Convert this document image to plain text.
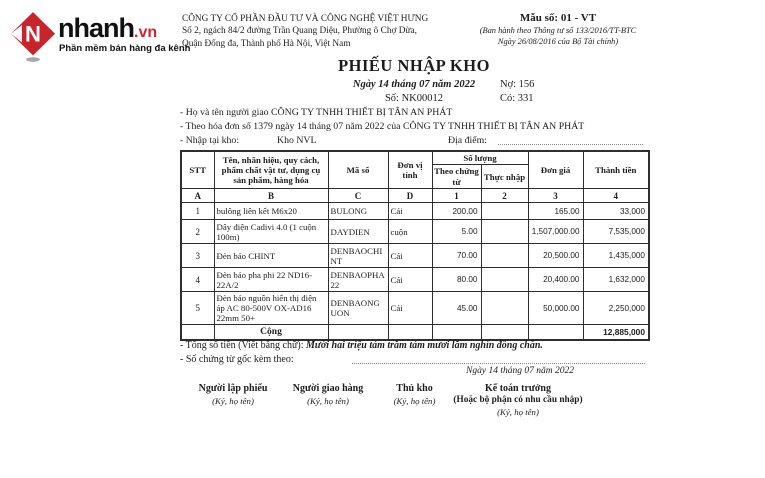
N nhanh.vn
Phần mềm bán hàng đa kênh
CÔNG TY CỔ PHẦN ĐẦU TƯ VÀ CÔNG NGHỆ VIỆT HƯNG
Số 2, ngách 84/2 đường Trần Quang Diệu, Phường ô Chợ Dừa,
Quận Đống đa, Thành phố Hà Nội, Việt Nam
Mẫu số: 01 - VT
(Ban hành theo Thông tư số 133/2016/TT-BTC
Ngày 26/08/2016 của Bộ Tài chính)
PHIẾU NHẬP KHO
Ngày 14 tháng 07 năm 2022
Số: NK00012
Nợ: 156
Có: 331
- Họ và tên người giao CÔNG TY TNHH THIẾT BỊ TÂN AN PHÁT
- Theo hóa đơn số 1379 ngày 14 tháng 07 năm 2022 của CÔNG TY TNHH THIẾT BỊ TÂN AN PHÁT
- Nhập tại kho:	Kho NVL	Địa điểm:
STT	Tên, nhãn hiệu, quy cách, phẩm chất vật tư, dụng cụ sản phẩm, hàng hóa	Mã số	Đơn vị tính	Số lượng		Đơn giá	Thành tiền
				Theo chứng từ	Thực nhập		
A	B	C	D	1	2	3	4
1	bulông liên kết M6x20	BULONG	Cái	200.00		165.00	33,000
2	Dây điện Cadivi 4.0 (1 cuộn 100m)	DAYDIEN	cuộn	5.00		1,507,000.00	7,535,000
3	Đèn báo CHINT	DENBAOCHINT	Cái	70.00		20,500.00	1,435,000
4	Đèn báo pha phi 22 ND16-22A/2	DENBAOPHA22	Cái	80.00		20,400.00	1,632,000
5	Đèn báo nguồn hiển thị điện áp AC 80-500V OX-AD16 22mm 50+	DENBAONGUON	Cái	45.00		50,000.00	2,250,000
	Cộng						12,885,000
- Tổng số tiền (Viết bằng chữ): Mười hai triệu tám trăm tám mươi lăm nghìn đồng chẵn.
- Số chứng từ gốc kèm theo:
Ngày 14 tháng 07 năm 2022
Người lập phiếu
(Ký, họ tên)
Người giao hàng
(Ký, họ tên)
Thủ kho
(Ký, họ tên)
Kế toán trưởng
(Hoặc bộ phận có nhu cầu nhập)
(Ký, họ tên)
